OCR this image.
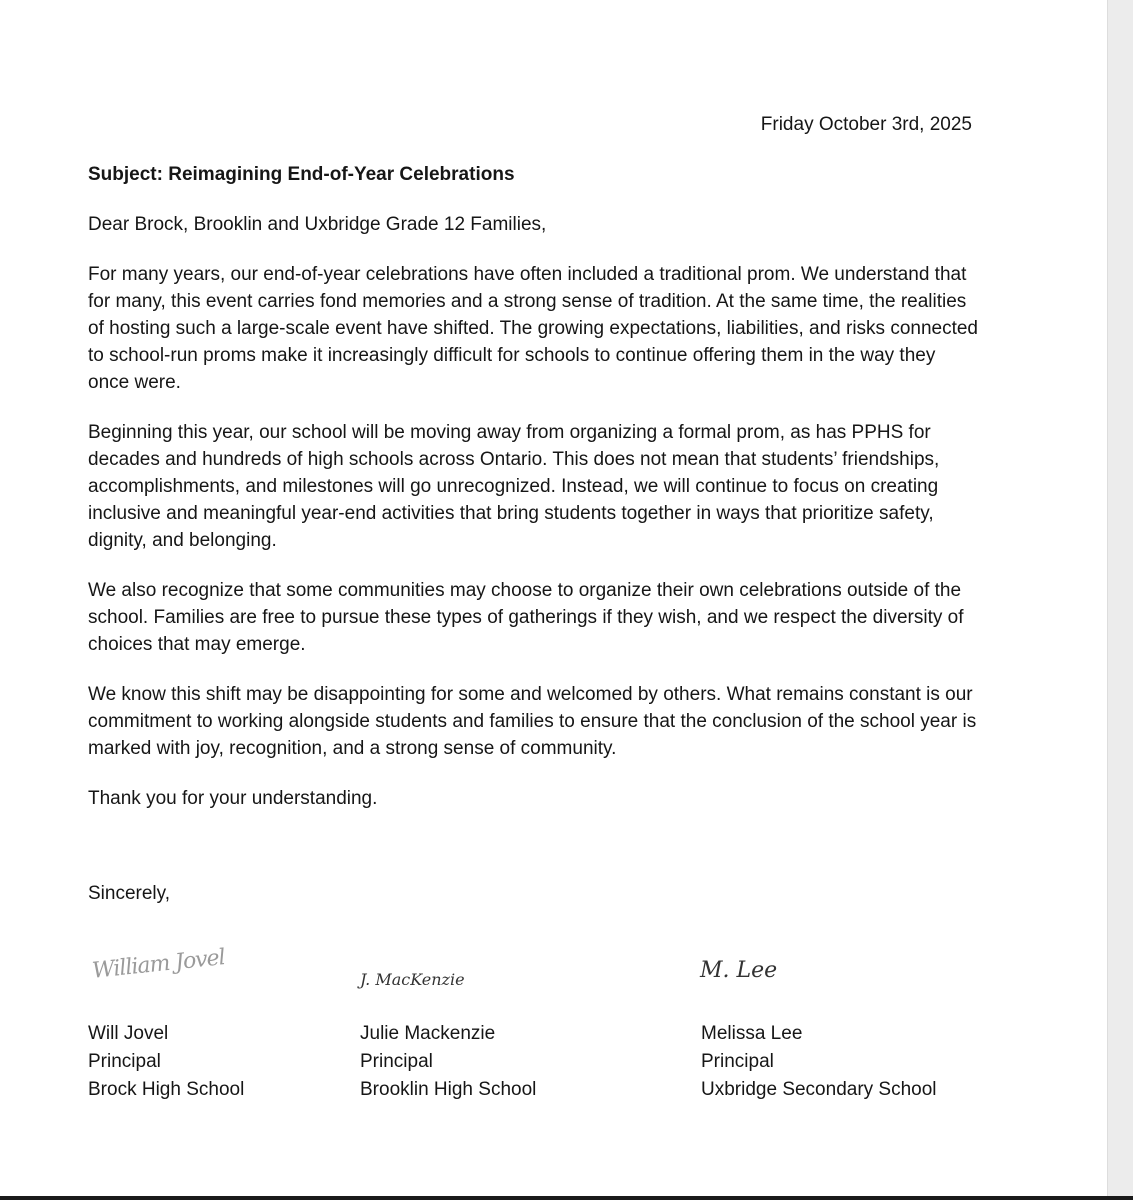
Friday October 3rd, 2025

Subject: Reimagining End-of-Year Celebrations

Dear Brock, Brooklin and Uxbridge Grade 12 Families,

For many years, our end-of-year celebrations have often included a traditional prom. We understand that for many, this event carries fond memories and a strong sense of tradition. At the same time, the realities of hosting such a large-scale event have shifted. The growing expectations, liabilities, and risks connected to school-run proms make it increasingly difficult for schools to continue offering them in the way they once were.

Beginning this year, our school will be moving away from organizing a formal prom, as has PPHS for decades and hundreds of high schools across Ontario. This does not mean that students’ friendships, accomplishments, and milestones will go unrecognized. Instead, we will continue to focus on creating inclusive and meaningful year-end activities that bring students together in ways that prioritize safety, dignity, and belonging.

We also recognize that some communities may choose to organize their own celebrations outside of the school. Families are free to pursue these types of gatherings if they wish, and we respect the diversity of choices that may emerge.

We know this shift may be disappointing for some and welcomed by others. What remains constant is our commitment to working alongside students and families to ensure that the conclusion of the school year is marked with joy, recognition, and a strong sense of community.

Thank you for your understanding.

Sincerely,

William Jovel	J. MacKenzie	M. Lee
Will Jovel
Principal
Brock High School
Julie Mackenzie
Principal
Brooklin High School
Melissa Lee
Principal
Uxbridge Secondary School
